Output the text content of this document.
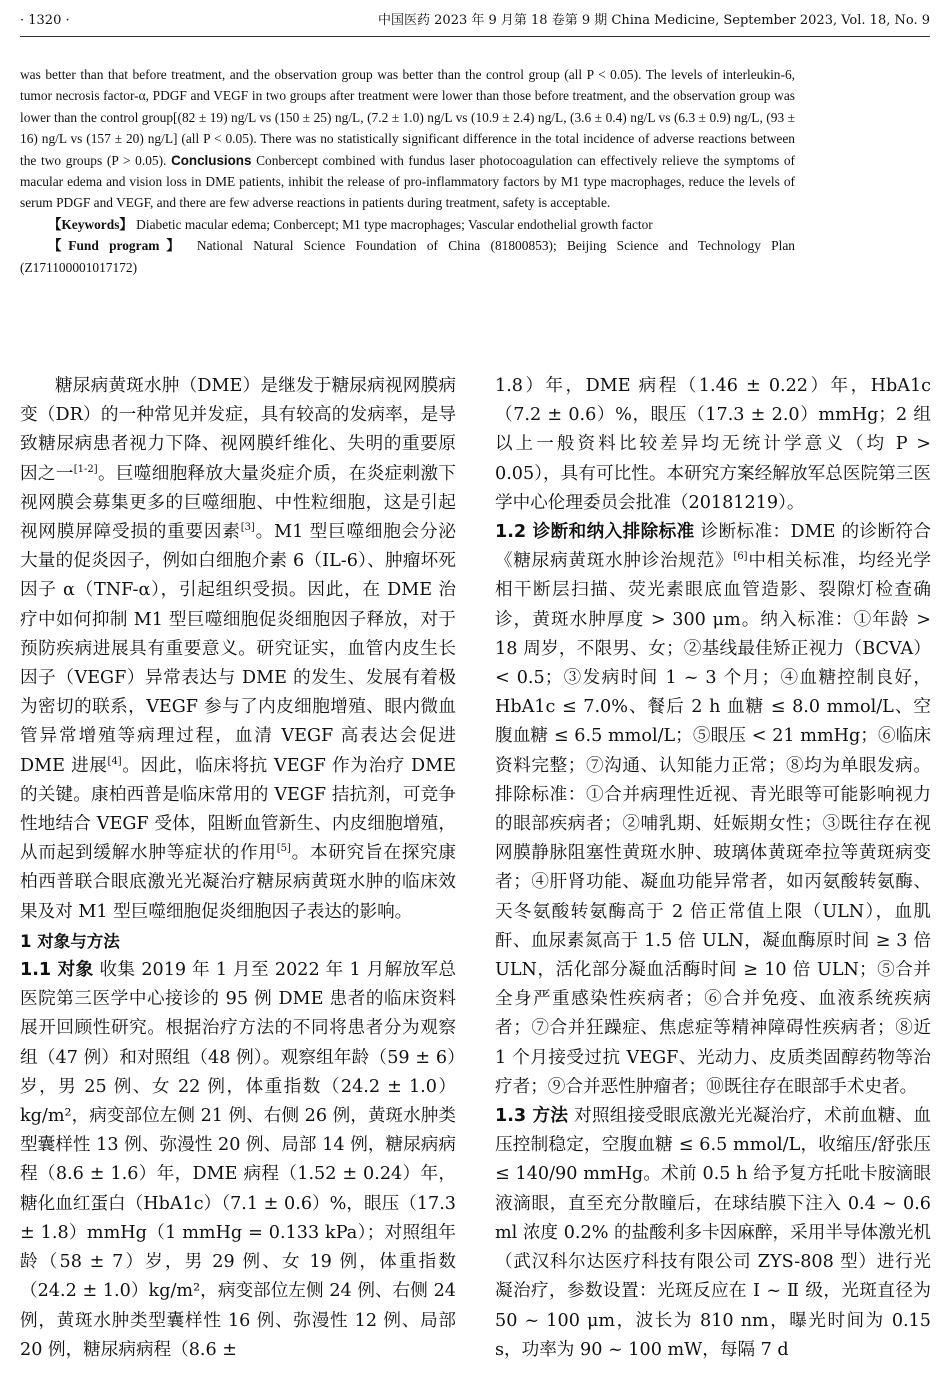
· 1320 ·	中国医药 2023 年 9 月第 18 卷第 9 期 China Medicine, September 2023, Vol. 18, No. 9

was better than that before treatment, and the observation group was better than the control group (all P < 0.05). The levels of interleukin-6, tumor necrosis factor-α, PDGF and VEGF in two groups after treatment were lower than those before treatment, and the observation group was lower than the control group[(82 ± 19) ng/L vs (150 ± 25) ng/L, (7.2 ± 1.0) ng/L vs (10.9 ± 2.4) ng/L, (3.6 ± 0.4) ng/L vs (6.3 ± 0.9) ng/L, (93 ± 16) ng/L vs (157 ± 20) ng/L] (all P < 0.05). There was no statistically significant difference in the total incidence of adverse reactions between the two groups (P > 0.05). Conclusions Conbercept combined with fundus laser photocoagulation can effectively relieve the symptoms of macular edema and vision loss in DME patients, inhibit the release of pro-inflammatory factors by M1 type macrophages, reduce the levels of serum PDGF and VEGF, and there are few adverse reactions in patients during treatment, safety is acceptable.

【Keywords】 Diabetic macular edema; Conbercept; M1 type macrophages; Vascular endothelial growth factor

【Fund program】 National Natural Science Foundation of China (81800853); Beijing Science and Technology Plan (Z171100001017172)

糖尿病黄斑水肿（DME）是继发于糖尿病视网膜病变（DR）的一种常见并发症，具有较高的发病率，是导致糖尿病患者视力下降、视网膜纤维化、失明的重要原因之一[1-2]。巨噬细胞释放大量炎症介质，在炎症刺激下视网膜会募集更多的巨噬细胞、中性粒细胞，这是引起视网膜屏障受损的重要因素[3]。M1 型巨噬细胞会分泌大量的促炎因子，例如白细胞介素 6（IL-6）、肿瘤坏死因子 α（TNF-α），引起组织受损。因此，在 DME 治疗中如何抑制 M1 型巨噬细胞促炎细胞因子释放，对于预防疾病进展具有重要意义。研究证实，血管内皮生长因子（VEGF）异常表达与 DME 的发生、发展有着极为密切的联系，VEGF 参与了内皮细胞增殖、眼内微血管异常增殖等病理过程，血清 VEGF 高表达会促进 DME 进展[4]。因此，临床将抗 VEGF 作为治疗 DME 的关键。康柏西普是临床常用的 VEGF 拮抗剂，可竞争性地结合 VEGF 受体，阻断血管新生、内皮细胞增殖，从而起到缓解水肿等症状的作用[5]。本研究旨在探究康柏西普联合眼底激光光凝治疗糖尿病黄斑水肿的临床效果及对 M1 型巨噬细胞促炎细胞因子表达的影响。

1 对象与方法

1.1 对象 收集 2019 年 1 月至 2022 年 1 月解放军总医院第三医学中心接诊的 95 例 DME 患者的临床资料展开回顾性研究。根据治疗方法的不同将患者分为观察组（47 例）和对照组（48 例）。观察组年龄（59 ± 6）岁，男 25 例、女 22 例，体重指数（24.2 ± 1.0）kg/m²，病变部位左侧 21 例、右侧 26 例，黄斑水肿类型囊样性 13 例、弥漫性 20 例、局部 14 例，糖尿病病程（8.6 ± 1.6）年，DME 病程（1.52 ± 0.24）年，糖化血红蛋白（HbA1c）（7.1 ± 0.6）%，眼压（17.3 ± 1.8）mmHg（1 mmHg = 0.133 kPa）；对照组年龄（58 ± 7）岁，男 29 例、女 19 例，体重指数（24.2 ± 1.0）kg/m²，病变部位左侧 24 例、右侧 24 例，黄斑水肿类型囊样性 16 例、弥漫性 12 例、局部 20 例，糖尿病病程（8.6 ±

1.8）年，DME 病程（1.46 ± 0.22）年，HbA1c（7.2 ± 0.6）%，眼压（17.3 ± 2.0）mmHg；2 组以上一般资料比较差异均无统计学意义（均 P > 0.05），具有可比性。本研究方案经解放军总医院第三医学中心伦理委员会批准（20181219）。

1.2 诊断和纳入排除标准 诊断标准：DME 的诊断符合《糖尿病黄斑水肿诊治规范》[6]中相关标准，均经光学相干断层扫描、荧光素眼底血管造影、裂隙灯检查确诊，黄斑水肿厚度 > 300 μm。纳入标准：①年龄 > 18 周岁，不限男、女；②基线最佳矫正视力（BCVA）< 0.5；③发病时间 1 ~ 3 个月；④血糖控制良好，HbA1c ≤ 7.0%、餐后 2 h 血糖 ≤ 8.0 mmol/L、空腹血糖 ≤ 6.5 mmol/L；⑤眼压 < 21 mmHg；⑥临床资料完整；⑦沟通、认知能力正常；⑧均为单眼发病。排除标准：①合并病理性近视、青光眼等可能影响视力的眼部疾病者；②哺乳期、妊娠期女性；③既往存在视网膜静脉阻塞性黄斑水肿、玻璃体黄斑牵拉等黄斑病变者；④肝肾功能、凝血功能异常者，如丙氨酸转氨酶、天冬氨酸转氨酶高于 2 倍正常值上限（ULN），血肌酐、血尿素氮高于 1.5 倍 ULN，凝血酶原时间 ≥ 3 倍 ULN，活化部分凝血活酶时间 ≥ 10 倍 ULN；⑤合并全身严重感染性疾病者；⑥合并免疫、血液系统疾病者；⑦合并狂躁症、焦虑症等精神障碍性疾病者；⑧近 1 个月接受过抗 VEGF、光动力、皮质类固醇药物等治疗者；⑨合并恶性肿瘤者；⑩既往存在眼部手术史者。

1.3 方法 对照组接受眼底激光光凝治疗，术前血糖、血压控制稳定，空腹血糖 ≤ 6.5 mmol/L，收缩压/舒张压 ≤ 140/90 mmHg。术前 0.5 h 给予复方托吡卡胺滴眼液滴眼，直至充分散瞳后，在球结膜下注入 0.4 ~ 0.6 ml 浓度 0.2% 的盐酸利多卡因麻醉，采用半导体激光机（武汉科尔达医疗科技有限公司 ZYS-808 型）进行光凝治疗，参数设置：光斑反应在 Ⅰ ~ Ⅱ 级，光斑直径为 50 ~ 100 μm，波长为 810 nm，曝光时间为 0.15 s，功率为 90 ~ 100 mW，每隔 7 d
